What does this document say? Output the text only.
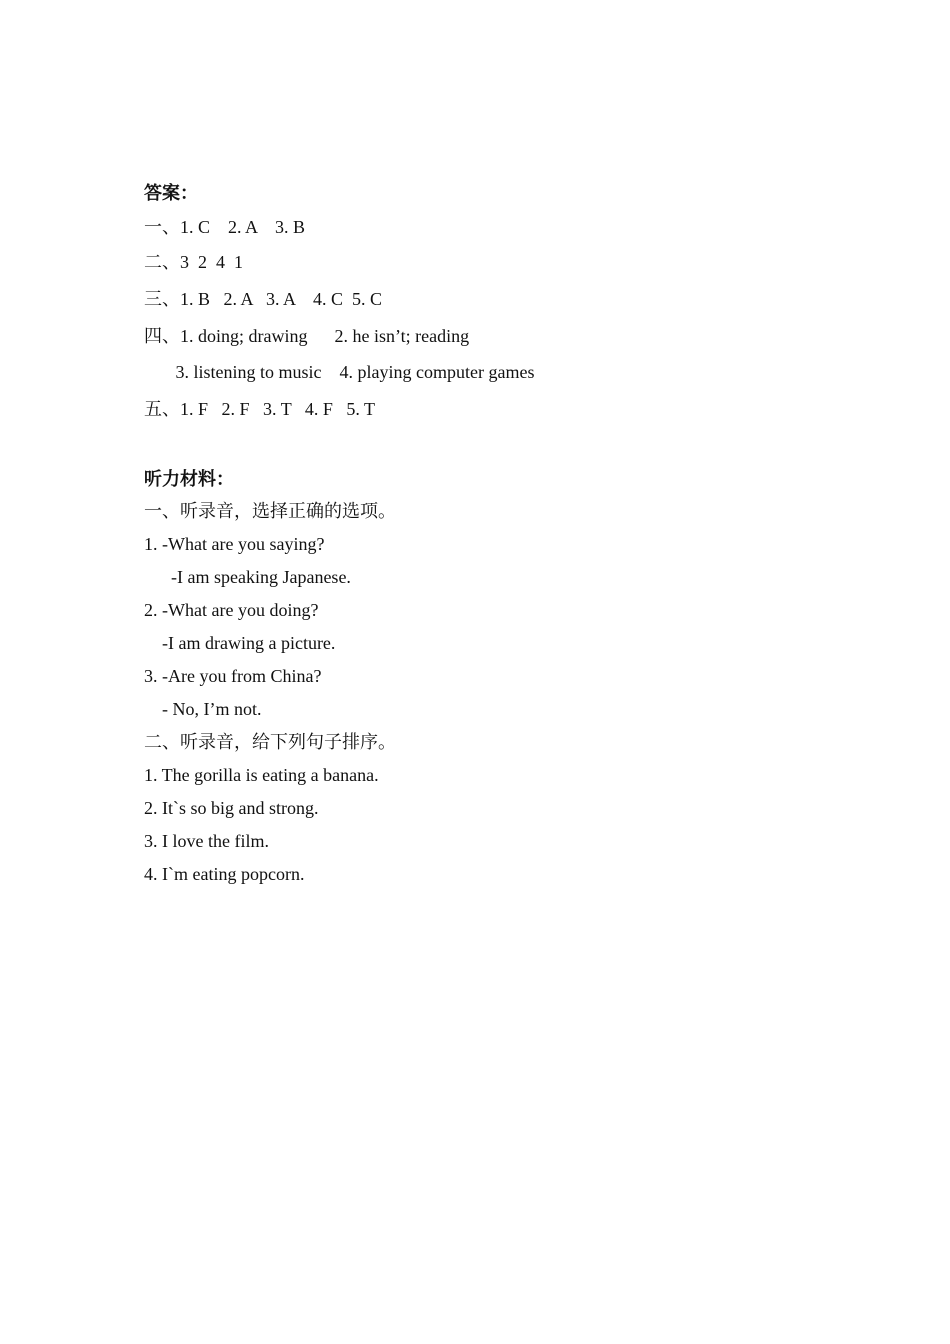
答案：
一、1. C    2. A    3. B
二、3  2  4  1
三、1. B   2. A   3. A    4. C  5. C
四、1. doing; drawing      2. he isn’t; reading
3. listening to music    4. playing computer games
五、1. F   2. F   3. T   4. F   5. T
听力材料：
一、听录音，选择正确的选项。
1. -What are you saying?
-I am speaking Japanese.
2. -What are you doing?
-I am drawing a picture.
3. -Are you from China?
- No, I’m not.
二、听录音，给下列句子排序。
1. The gorilla is eating a banana.
2. It`s so big and strong.
3. I love the film.
4. I`m eating popcorn.
